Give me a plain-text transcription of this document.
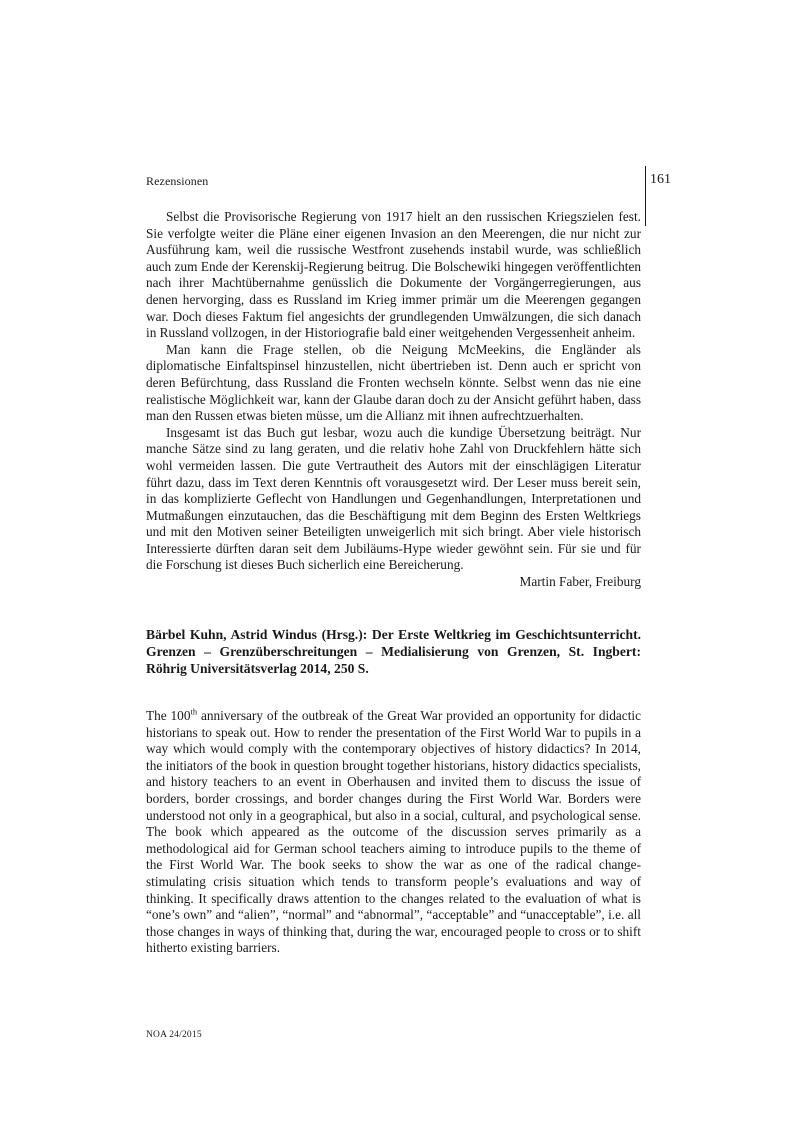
Rezensionen	161

Selbst die Provisorische Regierung von 1917 hielt an den russischen Kriegszielen fest. Sie verfolgte weiter die Pläne einer eigenen Invasion an den Meerengen, die nur nicht zur Ausführung kam, weil die russische Westfront zusehends instabil wurde, was schließlich auch zum Ende der Kerenskij-Regierung beitrug. Die Bolschewiki hingegen veröffentlichten nach ihrer Machtübernahme genüsslich die Dokumente der Vorgängerregierungen, aus denen hervorging, dass es Russland im Krieg immer primär um die Meerengen gegangen war. Doch dieses Faktum fiel angesichts der grundlegenden Umwälzungen, die sich danach in Russland vollzogen, in der Historiografie bald einer weitgehenden Vergessenheit anheim.

Man kann die Frage stellen, ob die Neigung McMeekins, die Engländer als diplomatische Einfaltspinsel hinzustellen, nicht übertrieben ist. Denn auch er spricht von deren Befürchtung, dass Russland die Fronten wechseln könnte. Selbst wenn das nie eine realistische Möglichkeit war, kann der Glaube daran doch zu der Ansicht geführt haben, dass man den Russen etwas bieten müsse, um die Allianz mit ihnen aufrechtzuerhalten.

Insgesamt ist das Buch gut lesbar, wozu auch die kundige Übersetzung beiträgt. Nur manche Sätze sind zu lang geraten, und die relativ hohe Zahl von Druckfehlern hätte sich wohl vermeiden lassen. Die gute Vertrautheit des Autors mit der einschlägigen Literatur führt dazu, dass im Text deren Kenntnis oft vorausgesetzt wird. Der Leser muss bereit sein, in das komplizierte Geflecht von Handlungen und Gegenhandlungen, Interpretationen und Mutmaßungen einzutauchen, das die Beschäftigung mit dem Beginn des Ersten Weltkriegs und mit den Motiven seiner Beteiligten unweigerlich mit sich bringt. Aber viele historisch Interessierte dürften daran seit dem Jubiläums-Hype wieder gewöhnt sein. Für sie und für die Forschung ist dieses Buch sicherlich eine Bereicherung.

Martin Faber, Freiburg

Bärbel Kuhn, Astrid Windus (Hrsg.): Der Erste Weltkrieg im Geschichtsunterricht. Grenzen – Grenzüberschreitungen – Medialisierung von Grenzen, St. Ingbert: Röhrig Universitätsverlag 2014, 250 S.

The 100th anniversary of the outbreak of the Great War provided an opportunity for didactic historians to speak out. How to render the presentation of the First World War to pupils in a way which would comply with the contemporary objectives of history didactics? In 2014, the initiators of the book in question brought together historians, history didactics specialists, and history teachers to an event in Oberhausen and invited them to discuss the issue of borders, border crossings, and border changes during the First World War. Borders were understood not only in a geographical, but also in a social, cultural, and psychological sense. The book which appeared as the outcome of the discussion serves primarily as a methodological aid for German school teachers aiming to introduce pupils to the theme of the First World War. The book seeks to show the war as one of the radical change-stimulating crisis situation which tends to transform people’s evaluations and way of thinking. It specifically draws attention to the changes related to the evaluation of what is “one’s own” and “alien”, “normal” and “abnormal”, “acceptable” and “unacceptable”, i.e. all those changes in ways of thinking that, during the war, encouraged people to cross or to shift hitherto existing barriers.

NOA 24/2015
